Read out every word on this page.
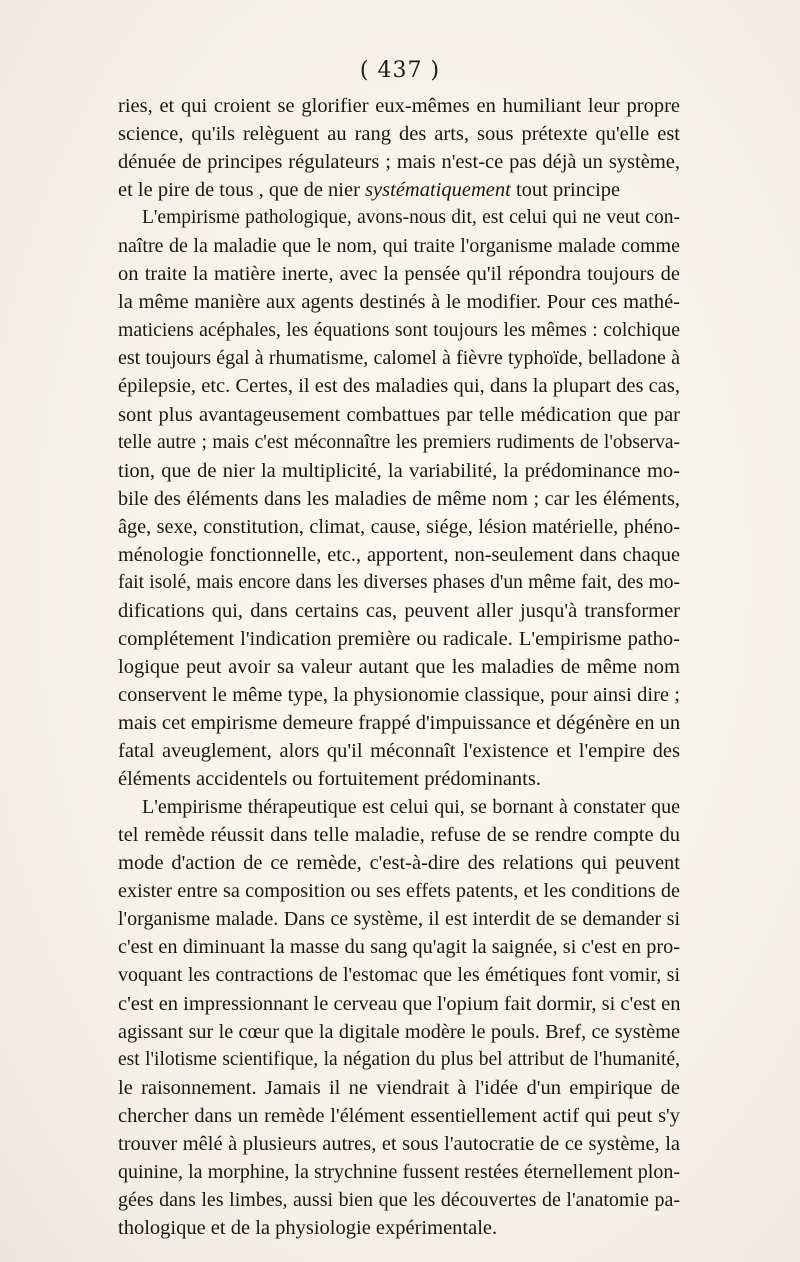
( 437 )
ries, et qui croient se glorifier eux-mêmes en humiliant leur propre
science, qu'ils relèguent au rang des arts, sous prétexte qu'elle est
dénuée de principes régulateurs ; mais n'est-ce pas déjà un système,
et le pire de tous , que de nier systématiquement tout principe
L'empirisme pathologique, avons-nous dit, est celui qui ne veut con-
naître de la maladie que le nom, qui traite l'organisme malade comme
on traite la matière inerte, avec la pensée qu'il répondra toujours de
la même manière aux agents destinés à le modifier. Pour ces mathé-
maticiens acéphales, les équations sont toujours les mêmes : colchique
est toujours égal à rhumatisme, calomel à fièvre typhoïde, belladone à
épilepsie, etc. Certes, il est des maladies qui, dans la plupart des cas,
sont plus avantageusement combattues par telle médication que par
telle autre ; mais c'est méconnaître les premiers rudiments de l'observa-
tion, que de nier la multiplicité, la variabilité, la prédominance mo-
bile des éléments dans les maladies de même nom ; car les éléments,
âge, sexe, constitution, climat, cause, siége, lésion matérielle, phéno-
ménologie fonctionnelle, etc., apportent, non-seulement dans chaque
fait isolé, mais encore dans les diverses phases d'un même fait, des mo-
difications qui, dans certains cas, peuvent aller jusqu'à transformer
complétement l'indication première ou radicale. L'empirisme patho-
logique peut avoir sa valeur autant que les maladies de même nom
conservent le même type, la physionomie classique, pour ainsi dire ;
mais cet empirisme demeure frappé d'impuissance et dégénère en un
fatal aveuglement, alors qu'il méconnaît l'existence et l'empire des
éléments accidentels ou fortuitement prédominants.
L'empirisme thérapeutique est celui qui, se bornant à constater que
tel remède réussit dans telle maladie, refuse de se rendre compte du
mode d'action de ce remède, c'est-à-dire des relations qui peuvent
exister entre sa composition ou ses effets patents, et les conditions de
l'organisme malade. Dans ce système, il est interdit de se demander si
c'est en diminuant la masse du sang qu'agit la saignée, si c'est en pro-
voquant les contractions de l'estomac que les émétiques font vomir, si
c'est en impressionnant le cerveau que l'opium fait dormir, si c'est en
agissant sur le cœur que la digitale modère le pouls. Bref, ce système
est l'ilotisme scientifique, la négation du plus bel attribut de l'humanité,
le raisonnement. Jamais il ne viendrait à l'idée d'un empirique de
chercher dans un remède l'élément essentiellement actif qui peut s'y
trouver mêlé à plusieurs autres, et sous l'autocratie de ce système, la
quinine, la morphine, la strychnine fussent restées éternellement plon-
gées dans les limbes, aussi bien que les découvertes de l'anatomie pa-
thologique et de la physiologie expérimentale.
